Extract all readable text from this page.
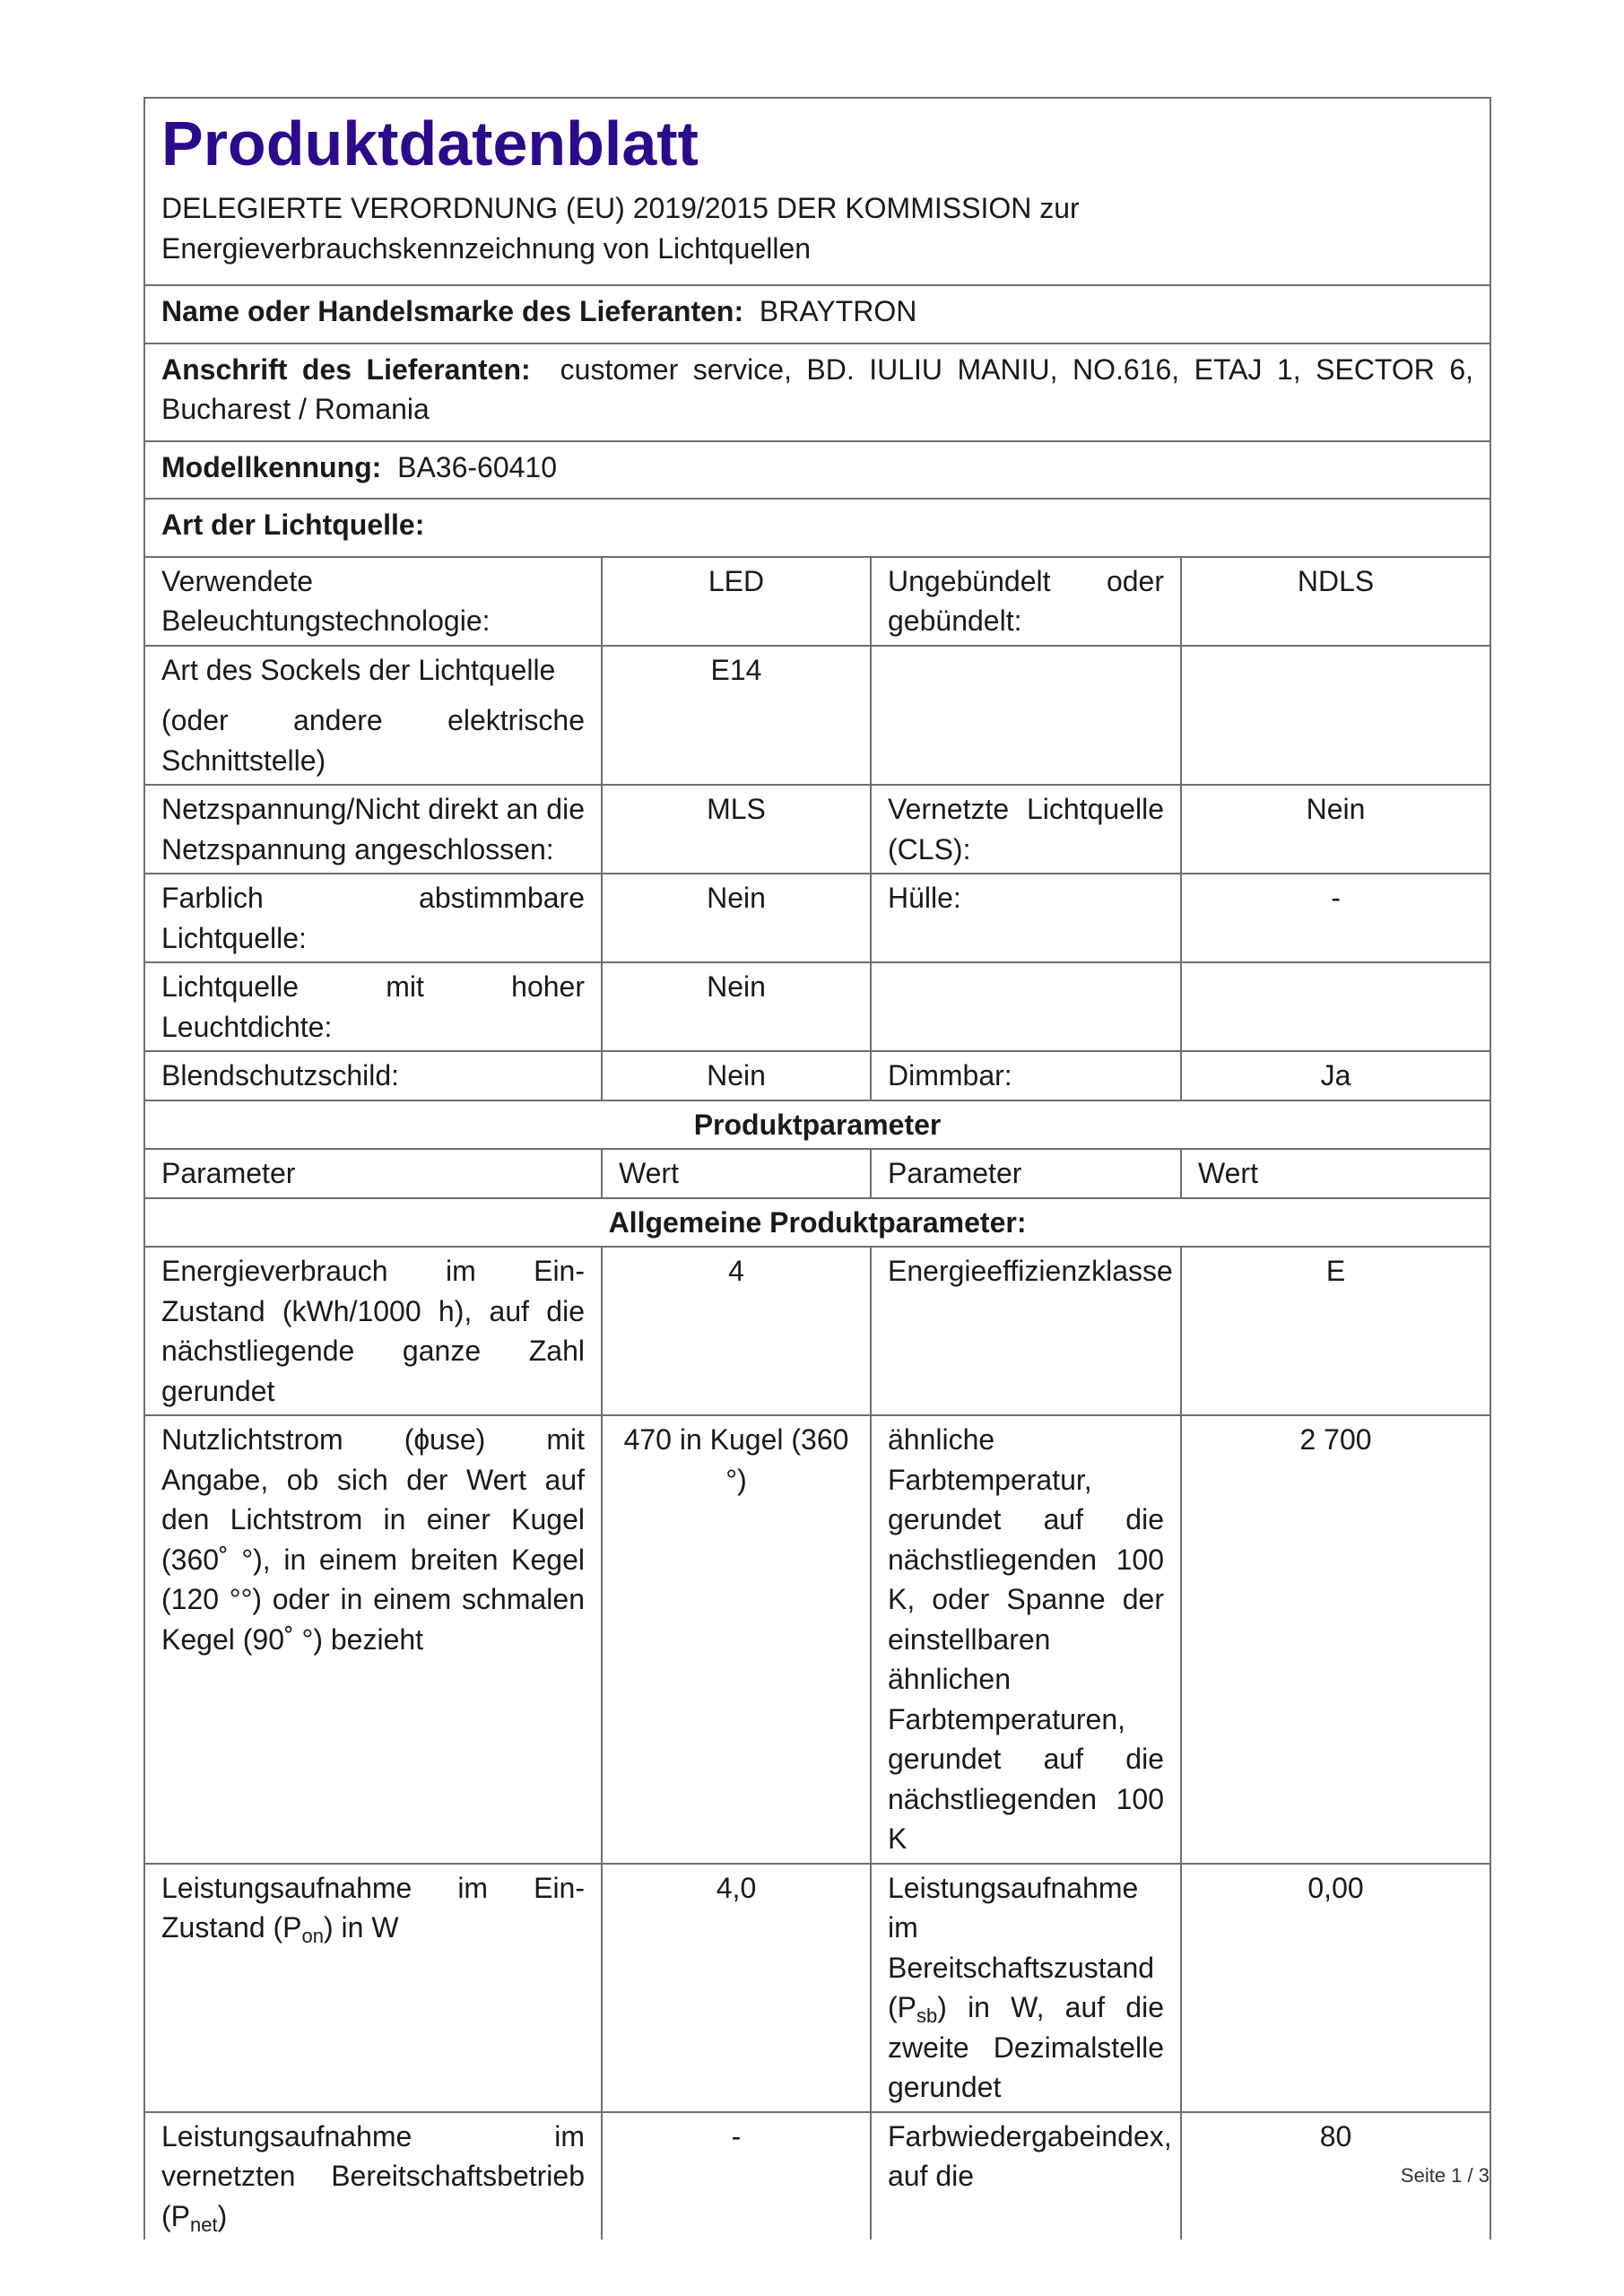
Produktdatenblatt
DELEGIERTE VERORDNUNG (EU) 2019/2015 DER KOMMISSION zur
Energieverbrauchskennzeichnung von Lichtquellen			

Name oder Handelsmarke des Lieferanten: BRAYTRON			
Anschrift des Lieferanten: customer service, BD. IULIU MANIU, NO.616, ETAJ 1, SECTOR 6, Bucharest / Romania			
Modellkennung: BA36-60410			
Art der Lichtquelle:			
Verwendete Beleuchtungstechnologie:	LED	Ungebündelt oder gebündelt:	NDLS
Art des Sockels der Lichtquelle
(oder andere elektrische Schnittstelle)	E14		
Netzspannung/Nicht direkt an die Netzspannung angeschlossen:	MLS	Vernetzte Lichtquelle (CLS):	Nein
Farblich abstimmbare Lichtquelle:	Nein	Hülle:	-
Lichtquelle mit hoher Leuchtdichte:	Nein		
Blendschutzschild:	Nein	Dimmbar:	Ja
Produktparameter			
Parameter	Wert	Parameter	Wert
Allgemeine Produktparameter:			
Energieverbrauch im Ein-Zustand (kWh/1000 h), auf die nächstliegende ganze Zahl gerundet	4	Energieeffizienzklasse	E
Nutzlichtstrom (ɸuse) mit Angabe, ob sich der Wert auf den Lichtstrom in einer Kugel (360˚ °), in einem breiten Kegel (120 °°) oder in einem schmalen Kegel (90˚ °) bezieht	470 in Kugel (360 °)	ähnliche Farbtemperatur, gerundet auf die nächstliegenden 100 K, oder Spanne der einstellbaren ähnlichen Farbtemperaturen, gerundet auf die nächstliegenden 100 K	2 700
Leistungsaufnahme im Ein-Zustand $(P_{on})$ in W	4,0	Leistungsaufnahme im Bereitschaftszustand $(P_{sb})$ in W, auf die zweite Dezimalstelle gerundet	0,00
Leistungsaufnahme im vernetzten Bereitschaftsbetrieb $(P_{net})$	-	Farbwiedergabeindex, auf die	80
Seite 1 / 3
